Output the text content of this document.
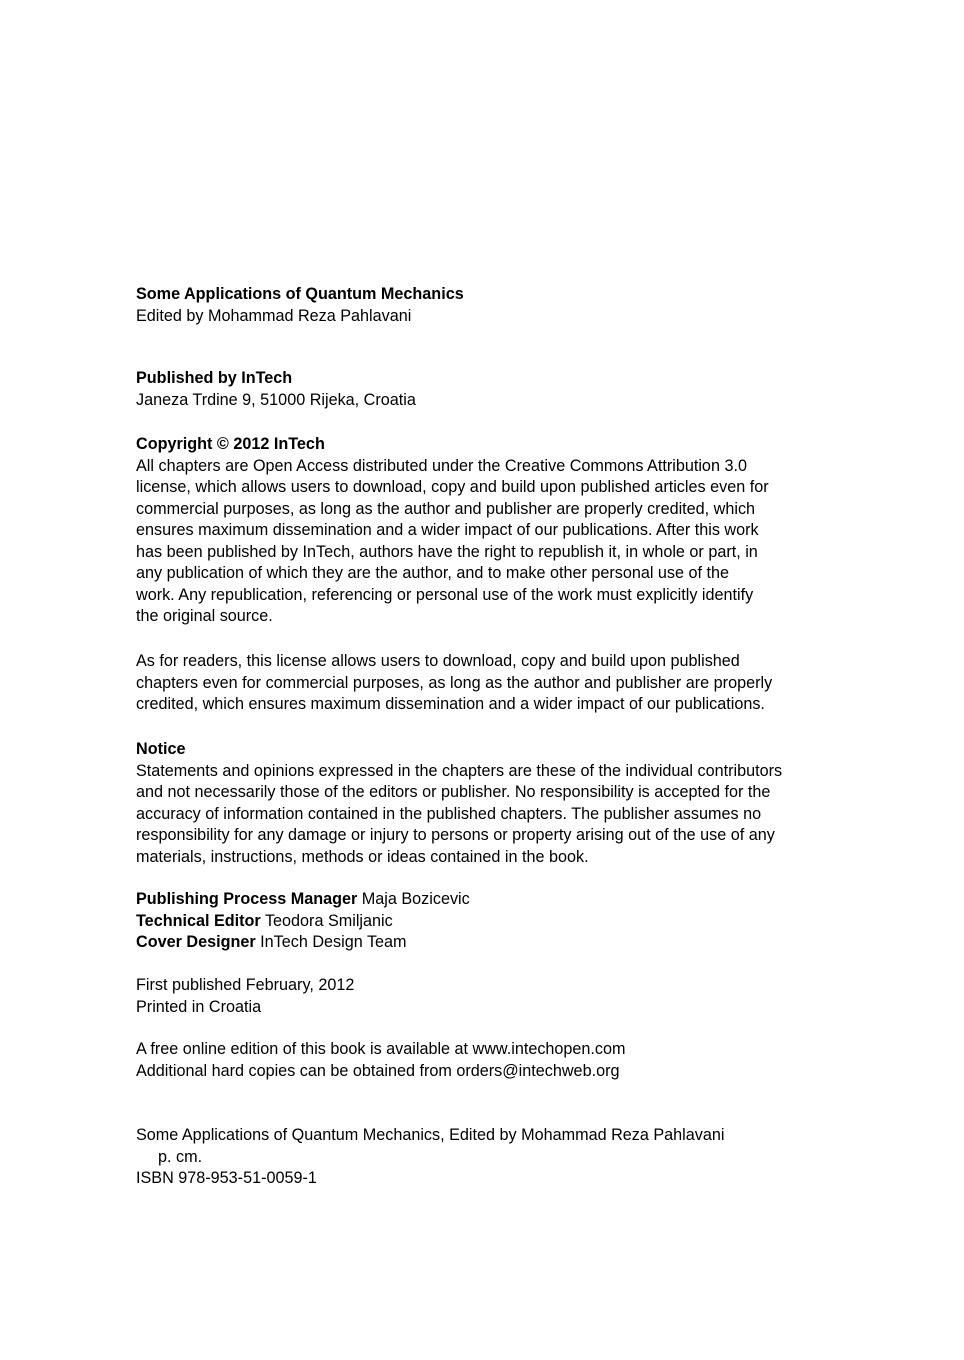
Some Applications of Quantum Mechanics
Edited by Mohammad Reza Pahlavani
Published by InTech
Janeza Trdine 9, 51000 Rijeka, Croatia
Copyright © 2012 InTech
All chapters are Open Access distributed under the Creative Commons Attribution 3.0
license, which allows users to download, copy and build upon published articles even for
commercial purposes, as long as the author and publisher are properly credited, which
ensures maximum dissemination and a wider impact of our publications. After this work
has been published by InTech, authors have the right to republish it, in whole or part, in
any publication of which they are the author, and to make other personal use of the
work. Any republication, referencing or personal use of the work must explicitly identify
the original source.
As for readers, this license allows users to download, copy and build upon published
chapters even for commercial purposes, as long as the author and publisher are properly
credited, which ensures maximum dissemination and a wider impact of our publications.
Notice
Statements and opinions expressed in the chapters are these of the individual contributors
and not necessarily those of the editors or publisher. No responsibility is accepted for the
accuracy of information contained in the published chapters. The publisher assumes no
responsibility for any damage or injury to persons or property arising out of the use of any
materials, instructions, methods or ideas contained in the book.
Publishing Process Manager Maja Bozicevic
Technical Editor Teodora Smiljanic
Cover Designer InTech Design Team
First published February, 2012
Printed in Croatia
A free online edition of this book is available at www.intechopen.com
Additional hard copies can be obtained from orders@intechweb.org
Some Applications of Quantum Mechanics, Edited by Mohammad Reza Pahlavani
p. cm.
ISBN 978-953-51-0059-1
